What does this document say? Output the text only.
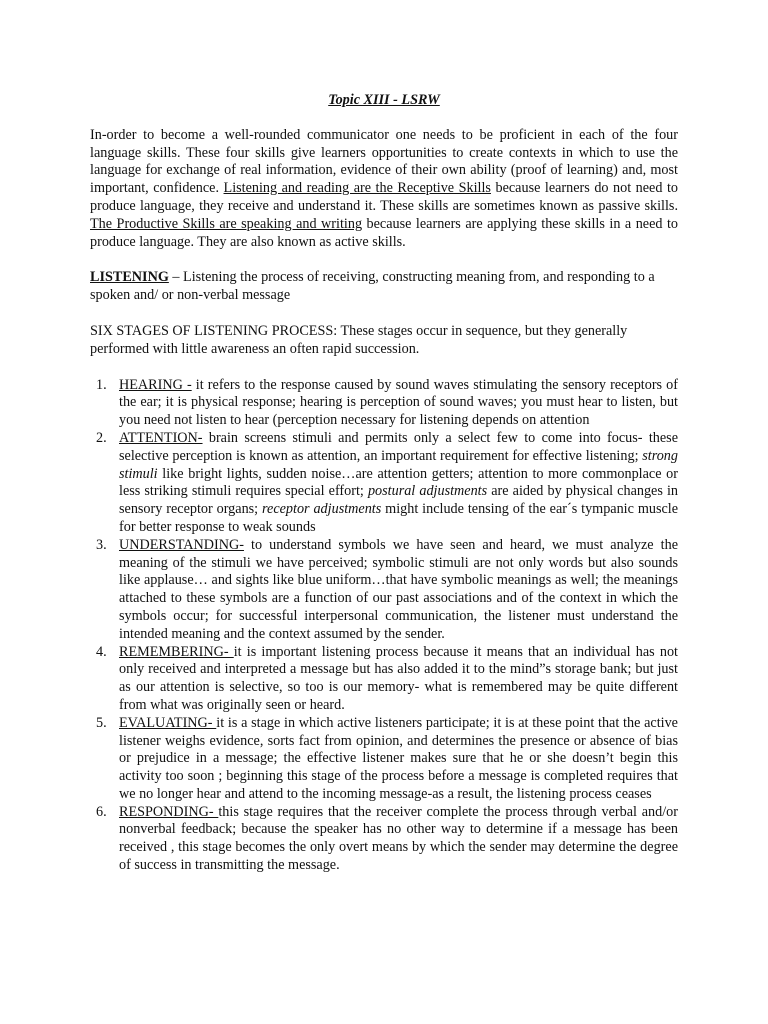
Topic XIII - LSRW

In-order to become a well-rounded communicator one needs to be proficient in each of the four language skills. These four skills give learners opportunities to create contexts in which to use the language for exchange of real information, evidence of their own ability (proof of learning) and, most important, confidence. Listening and reading are the Receptive Skills because learners do not need to produce language, they receive and understand it. These skills are sometimes known as passive skills. The Productive Skills are speaking and writing because learners are applying these skills in a need to produce language. They are also known as active skills.

LISTENING – Listening the process of receiving, constructing meaning from, and responding to a spoken and/ or non-verbal message

SIX STAGES OF LISTENING PROCESS: These stages occur in sequence, but they generally performed with little awareness an often rapid succession.

1. HEARING - it refers to the response caused by sound waves stimulating the sensory receptors of the ear; it is physical response; hearing is perception of sound waves; you must hear to listen, but you need not listen to hear (perception necessary for listening depends on attention
2. ATTENTION- brain screens stimuli and permits only a select few to come into focus- these selective perception is known as attention, an important requirement for effective listening; strong stimuli like bright lights, sudden noise…are attention getters; attention to more commonplace or less striking stimuli requires special effort; postural adjustments are aided by physical changes in sensory receptor organs; receptor adjustments might include tensing of the ear´s tympanic muscle for better response to weak sounds
3. UNDERSTANDING- to understand symbols we have seen and heard, we must analyze the meaning of the stimuli we have perceived; symbolic stimuli are not only words but also sounds like applause… and sights like blue uniform…that have symbolic meanings as well; the meanings attached to these symbols are a function of our past associations and of the context in which the symbols occur; for successful interpersonal communication, the listener must understand the intended meaning and the context assumed by the sender.
4. REMEMBERING- it is important listening process because it means that an individual has not only received and interpreted a message but has also added it to the mind”s storage bank; but just as our attention is selective, so too is our memory- what is remembered may be quite different from what was originally seen or heard.
5. EVALUATING- it is a stage in which active listeners participate; it is at these point that the active listener weighs evidence, sorts fact from opinion, and determines the presence or absence of bias or prejudice in a message; the effective listener makes sure that he or she doesn’t begin this activity too soon ; beginning this stage of the process before a message is completed requires that we no longer hear and attend to the incoming message-as a result, the listening process ceases
6. RESPONDING- this stage requires that the receiver complete the process through verbal and/or nonverbal feedback; because the speaker has no other way to determine if a message has been received , this stage becomes the only overt means by which the sender may determine the degree of success in transmitting the message.
